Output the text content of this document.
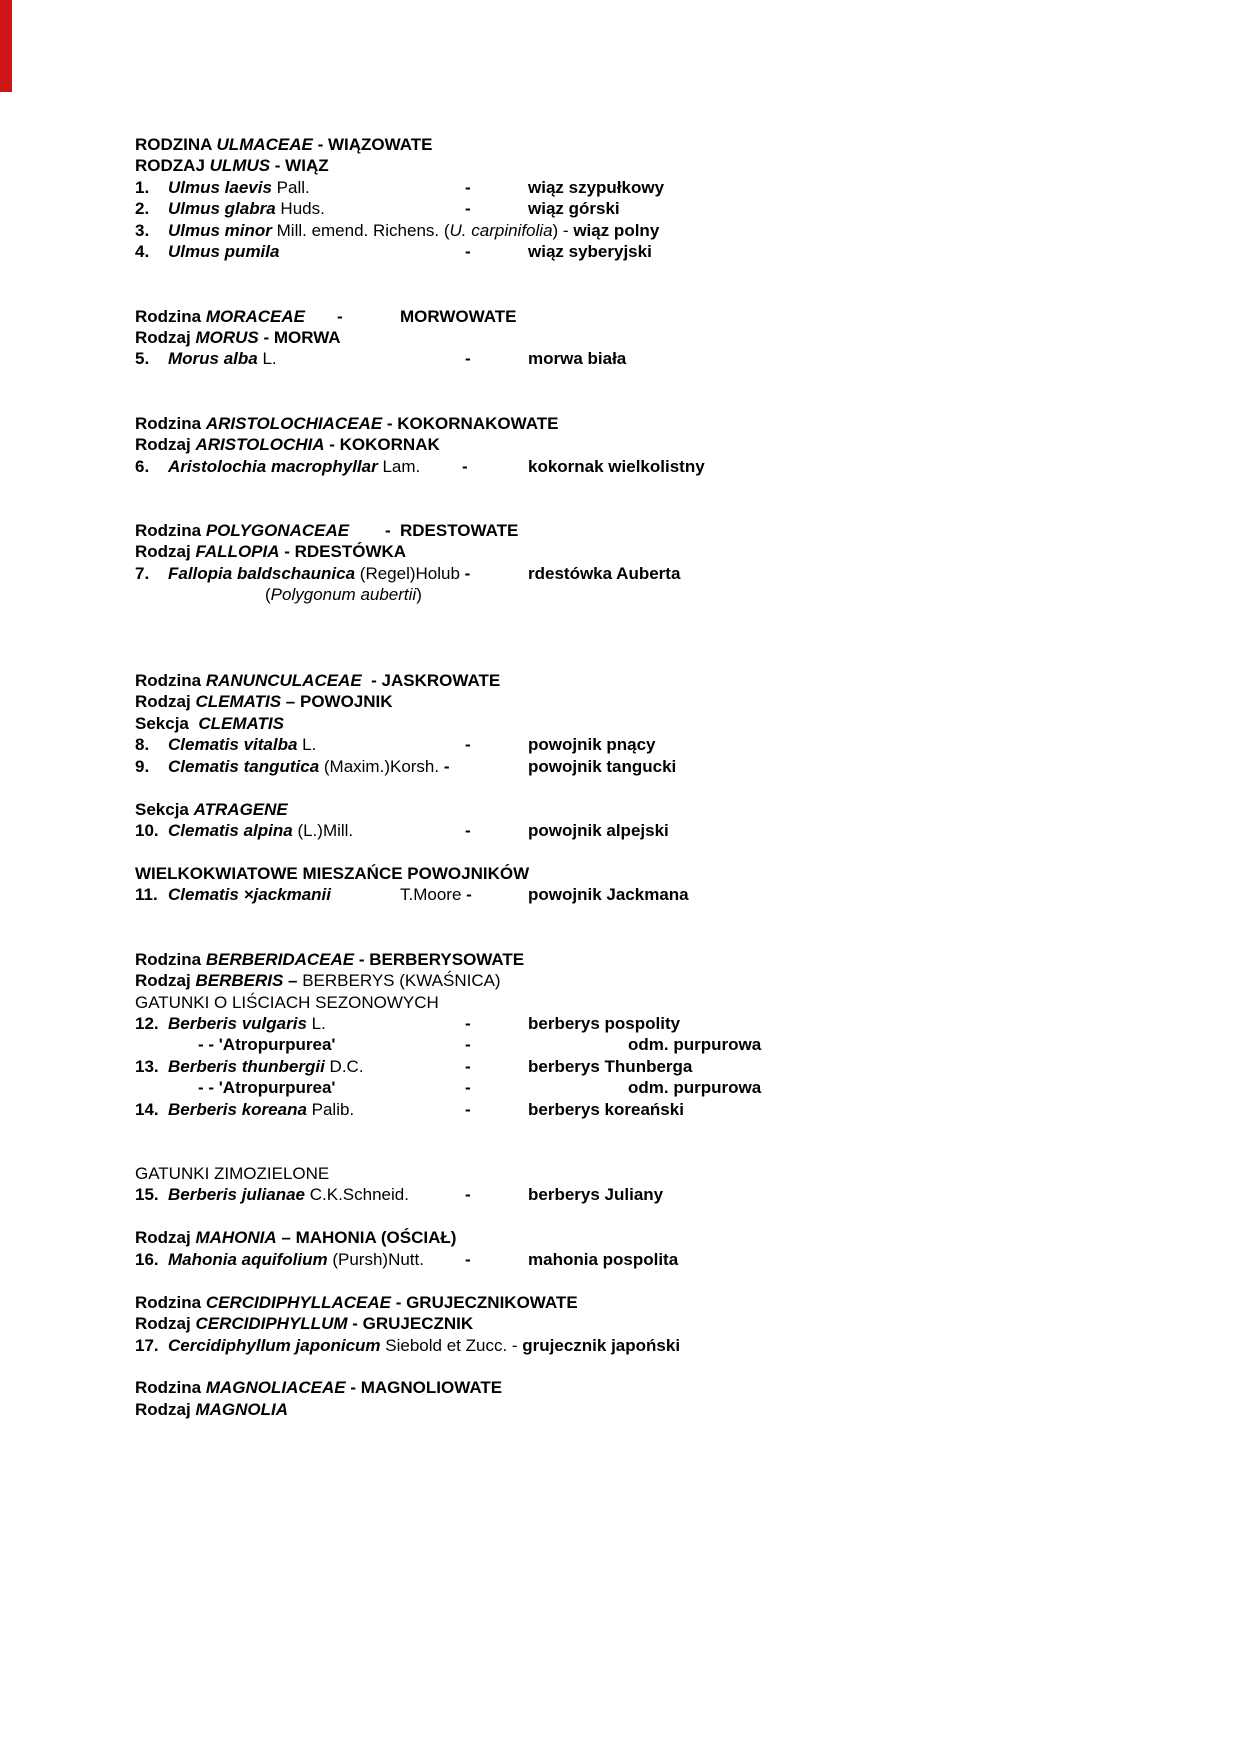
RODZINA ULMACEAE - WIĄZOWATE
RODZAJ ULMUS - WIĄZ
1. Ulmus laevis Pall.	-	wiąz szypułkowy
2. Ulmus glabra Huds.	-	wiąz górski
3. Ulmus minor Mill. emend. Richens. (U. carpinifolia) - wiąz polny
4. Ulmus pumila	-	wiąz syberyjski
Rodzina MORACEAE -	MORWOWATE
Rodzaj MORUS - MORWA
5. Morus alba L.	-	morwa biała
Rodzina ARISTOLOCHIACEAE - KOKORNAKOWATE
Rodzaj ARISTOLOCHIA - KOKORNAK
6. Aristolochia macrophyllar Lam. -	kokornak wielkolistny
Rodzina POLYGONACEAE - RDESTOWATE
Rodzaj FALLOPIA - RDESTÓWKA
7. Fallopia baldschaunica (Regel)Holub -	rdestówka Auberta
(Polygonum aubertii)
Rodzina RANUNCULACEAE  - JASKROWATE
Rodzaj CLEMATIS – POWOJNIK
Sekcja  CLEMATIS
8. Clematis vitalba L.	-	powojnik pnący
9. Clematis tangutica (Maxim.)Korsh. -	powojnik tangucki
Sekcja ATRAGENE
10. Clematis alpina (L.)Mill.	-	powojnik alpejski
WIELKOKWIATOWE MIESZAŃCE POWOJNIKÓW
11. Clematis ×jackmanii	T.Moore -	powojnik Jackmana
Rodzina BERBERIDACEAE - BERBERYSOWATE
Rodzaj BERBERIS – BERBERYS (KWAŚNICA)
GATUNKI O LIŚCIACH SEZONOWYCH
12. Berberis vulgaris L.	-	berberys pospolity
- - 'Atropurpurea'	-	odm. purpurowa
13. Berberis thunbergii D.C.	-	berberys Thunberga
- - 'Atropurpurea'	-	odm. purpurowa
14. Berberis koreana Palib.	-	berberys koreański
GATUNKI ZIMOZIELONE
15. Berberis julianae C.K.Schneid.	-	berberys Juliany
Rodzaj MAHONIA – MAHONIA (OŚCIAŁ)
16. Mahonia aquifolium (Pursh)Nutt. -	mahonia pospolita
Rodzina CERCIDIPHYLLACEAE - GRUJECZNIKOWATE
Rodzaj CERCIDIPHYLLUM - GRUJECZNIK
17. Cercidiphyllum japonicum Siebold et Zucc. - grujecznik japoński
Rodzina MAGNOLIACEAE - MAGNOLIOWATE
Rodzaj MAGNOLIA
